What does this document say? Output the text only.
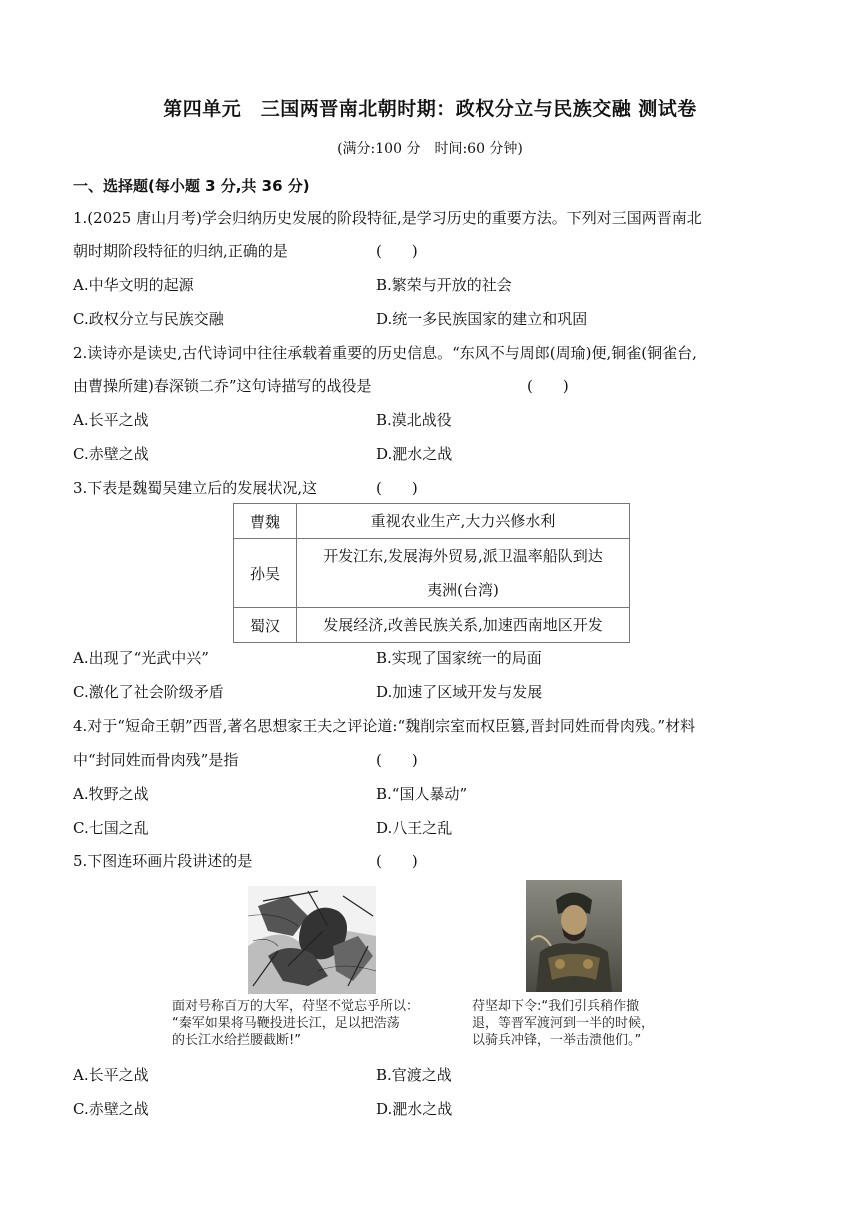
第四单元　三国两晋南北朝时期：政权分立与民族交融 测试卷
(满分:100 分　时间:60 分钟)
一、选择题(每小题 3 分,共 36 分)
1.(2025 唐山月考)学会归纳历史发展的阶段特征,是学习历史的重要方法。下列对三国两晋南北
朝时期阶段特征的归纳,正确的是	(　　)
A.中华文明的起源	B.繁荣与开放的社会
C.政权分立与民族交融	D.统一多民族国家的建立和巩固
2.读诗亦是读史,古代诗词中往往承载着重要的历史信息。“东风不与周郎(周瑜)便,铜雀(铜雀台,
由曹操所建)春深锁二乔”这句诗描写的战役是	(　　)
A.长平之战	B.漠北战役
C.赤壁之战	D.淝水之战
3.下表是魏蜀吴建立后的发展状况,这	(　　)
曹魏	重视农业生产,大力兴修水利
孙吴	开发江东,发展海外贸易,派卫温率船队到达
夷洲(台湾)

蜀汉	发展经济,改善民族关系,加速西南地区开发
A.出现了“光武中兴”	B.实现了国家统一的局面
C.激化了社会阶级矛盾	D.加速了区域开发与发展
4.对于“短命王朝”西晋,著名思想家王夫之评论道:“魏削宗室而权臣篡,晋封同姓而骨肉残。”材料
中“封同姓而骨肉残”是指	(　　)
A.牧野之战	B.“国人暴动”
C.七国之乱	D.八王之乱
5.下图连环画片段讲述的是	(　　)
面对号称百万的大军，苻坚不觉忘乎所以：
“秦军如果将马鞭投进长江，足以把浩荡
的长江水给拦腰截断!”
苻坚却下令:“我们引兵稍作撤
退，等晋军渡河到一半的时候，
以骑兵冲锋，一举击溃他们。”
A.长平之战	B.官渡之战
C.赤壁之战	D.淝水之战
